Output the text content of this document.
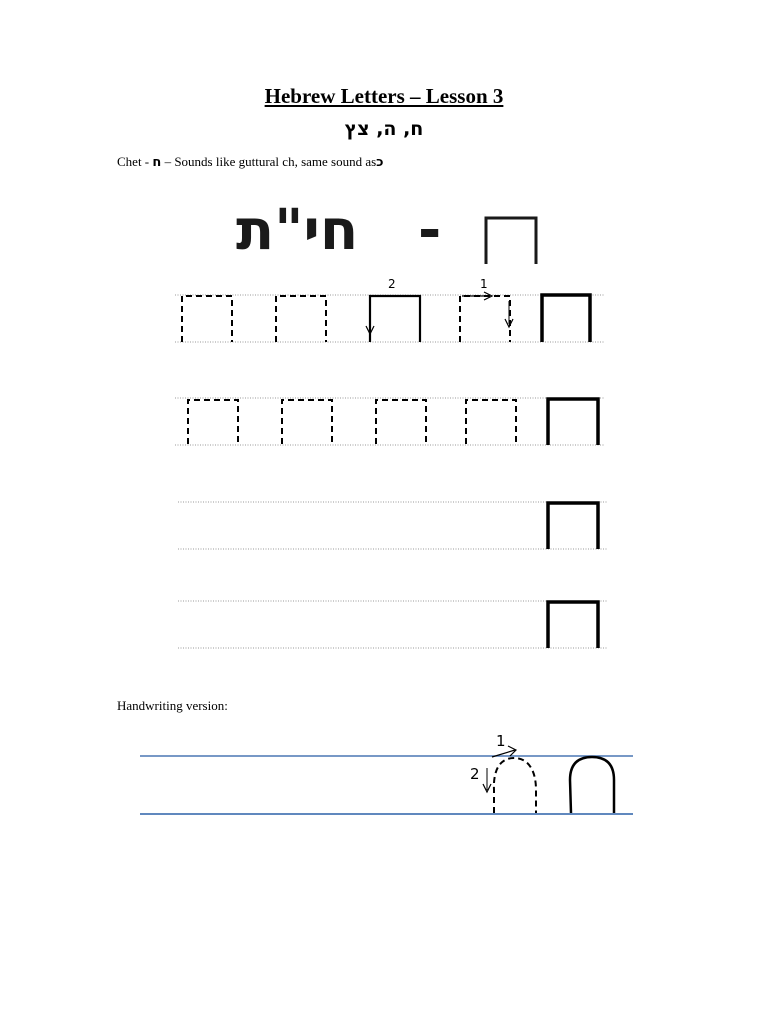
Hebrew Letters – Lesson 3
ח, ה, צץ
Chet - ח – Sounds like guttural ch, same sound asכ
חי"ת -
Handwriting version:
2	1
1
2
